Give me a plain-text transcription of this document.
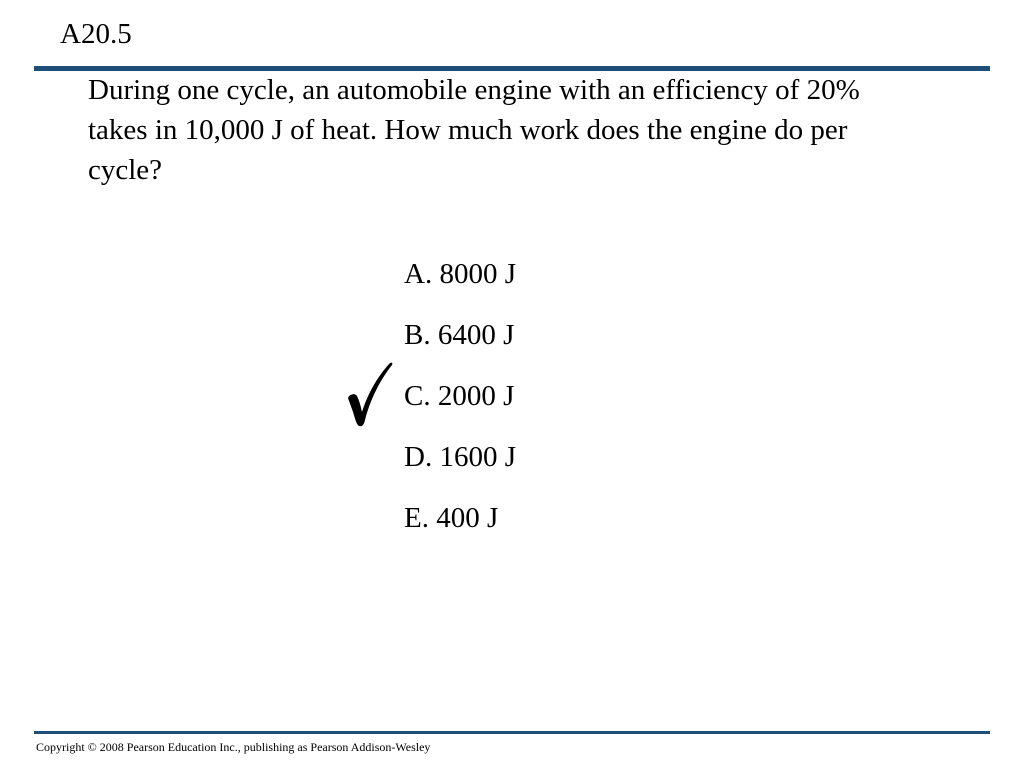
A20.5
During one cycle, an automobile engine with an efficiency of 20% takes in 10,000 J of heat. How much work does the engine do per cycle?
A. 8000 J
B. 6400 J
C. 2000 J
D. 1600 J
E. 400 J
Copyright © 2008 Pearson Education Inc., publishing as Pearson Addison-Wesley
